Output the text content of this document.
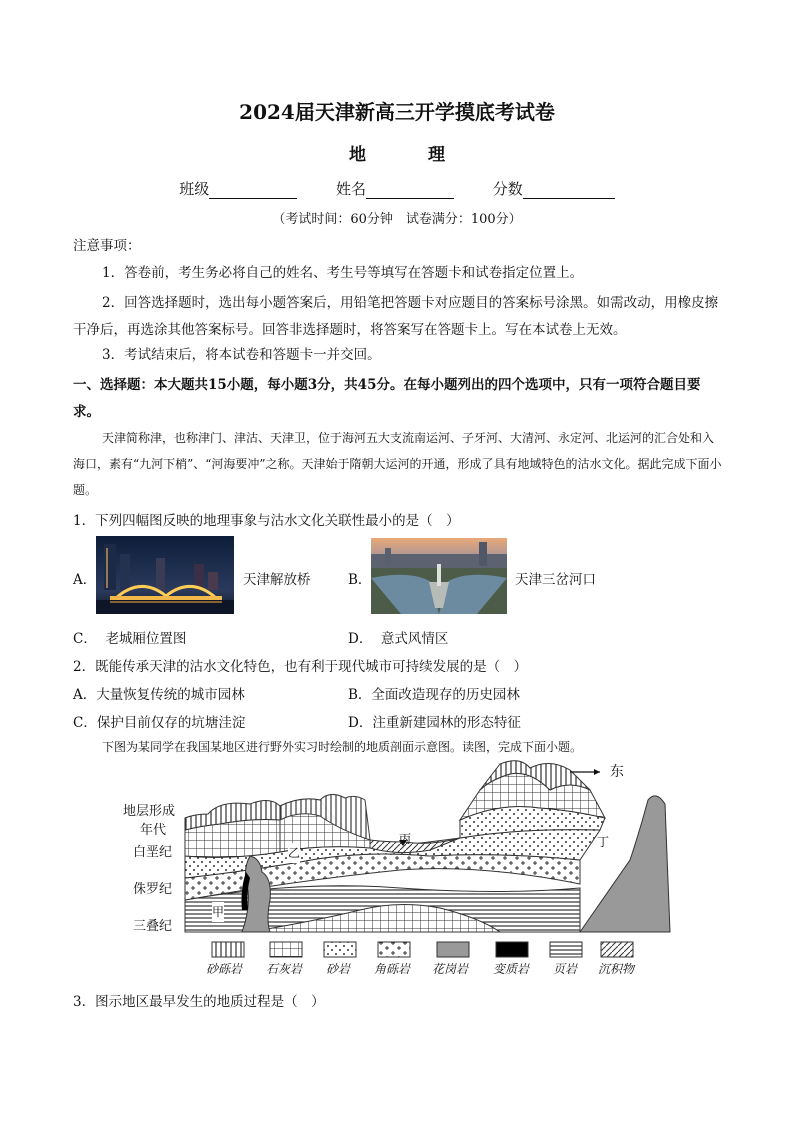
2024届天津新高三开学摸底考试卷
地 理
班级	姓名	分数
（考试时间：60分钟　试卷满分：100分）
注意事项：
1．答卷前，考生务必将自己的姓名、考生号等填写在答题卡和试卷指定位置上。
2．回答选择题时，选出每小题答案后，用铅笔把答题卡对应题目的答案标号涂黑。如需改动，用橡皮擦干净后，再选涂其他答案标号。回答非选择题时，将答案写在答题卡上。写在本试卷上无效。
3．考试结束后，将本试卷和答题卡一并交回。
一、选择题：本大题共15小题，每小题3分，共45分。在每小题列出的四个选项中，只有一项符合题目要求。
天津简称津，也称津门、津沽、天津卫，位于海河五大支流南运河、子牙河、大清河、永定河、北运河的汇合处和入海口，素有“九河下梢”、“河海要冲”之称。天津始于隋朝大运河的开通，形成了具有地域特色的沽水文化。据此完成下面小题。
1．下列四幅图反映的地理事象与沽水文化关联性最小的是（　）
A．	天津解放桥	B．	天津三岔河口
C． 老城厢位置图	D． 意式风情区
2．既能传承天津的沽水文化特色，也有利于现代城市可持续发展的是（　）
A．大量恢复传统的城市园林	B．全面改造现存的历史园林
C．保护目前仅存的坑塘洼淀	D．注重新建园林的形态特征
下图为某同学在我国某地区进行野外实习时绘制的地质剖面示意图。读图，完成下面小题。
地层形成
年代
白垩纪
侏罗纪
三叠纪
东
甲
乙
丙	丁
砂砾岩 石灰岩 砂岩 角砾岩 花岗岩 变质岩 页岩 沉积物
3．图示地区最早发生的地质过程是（　）
